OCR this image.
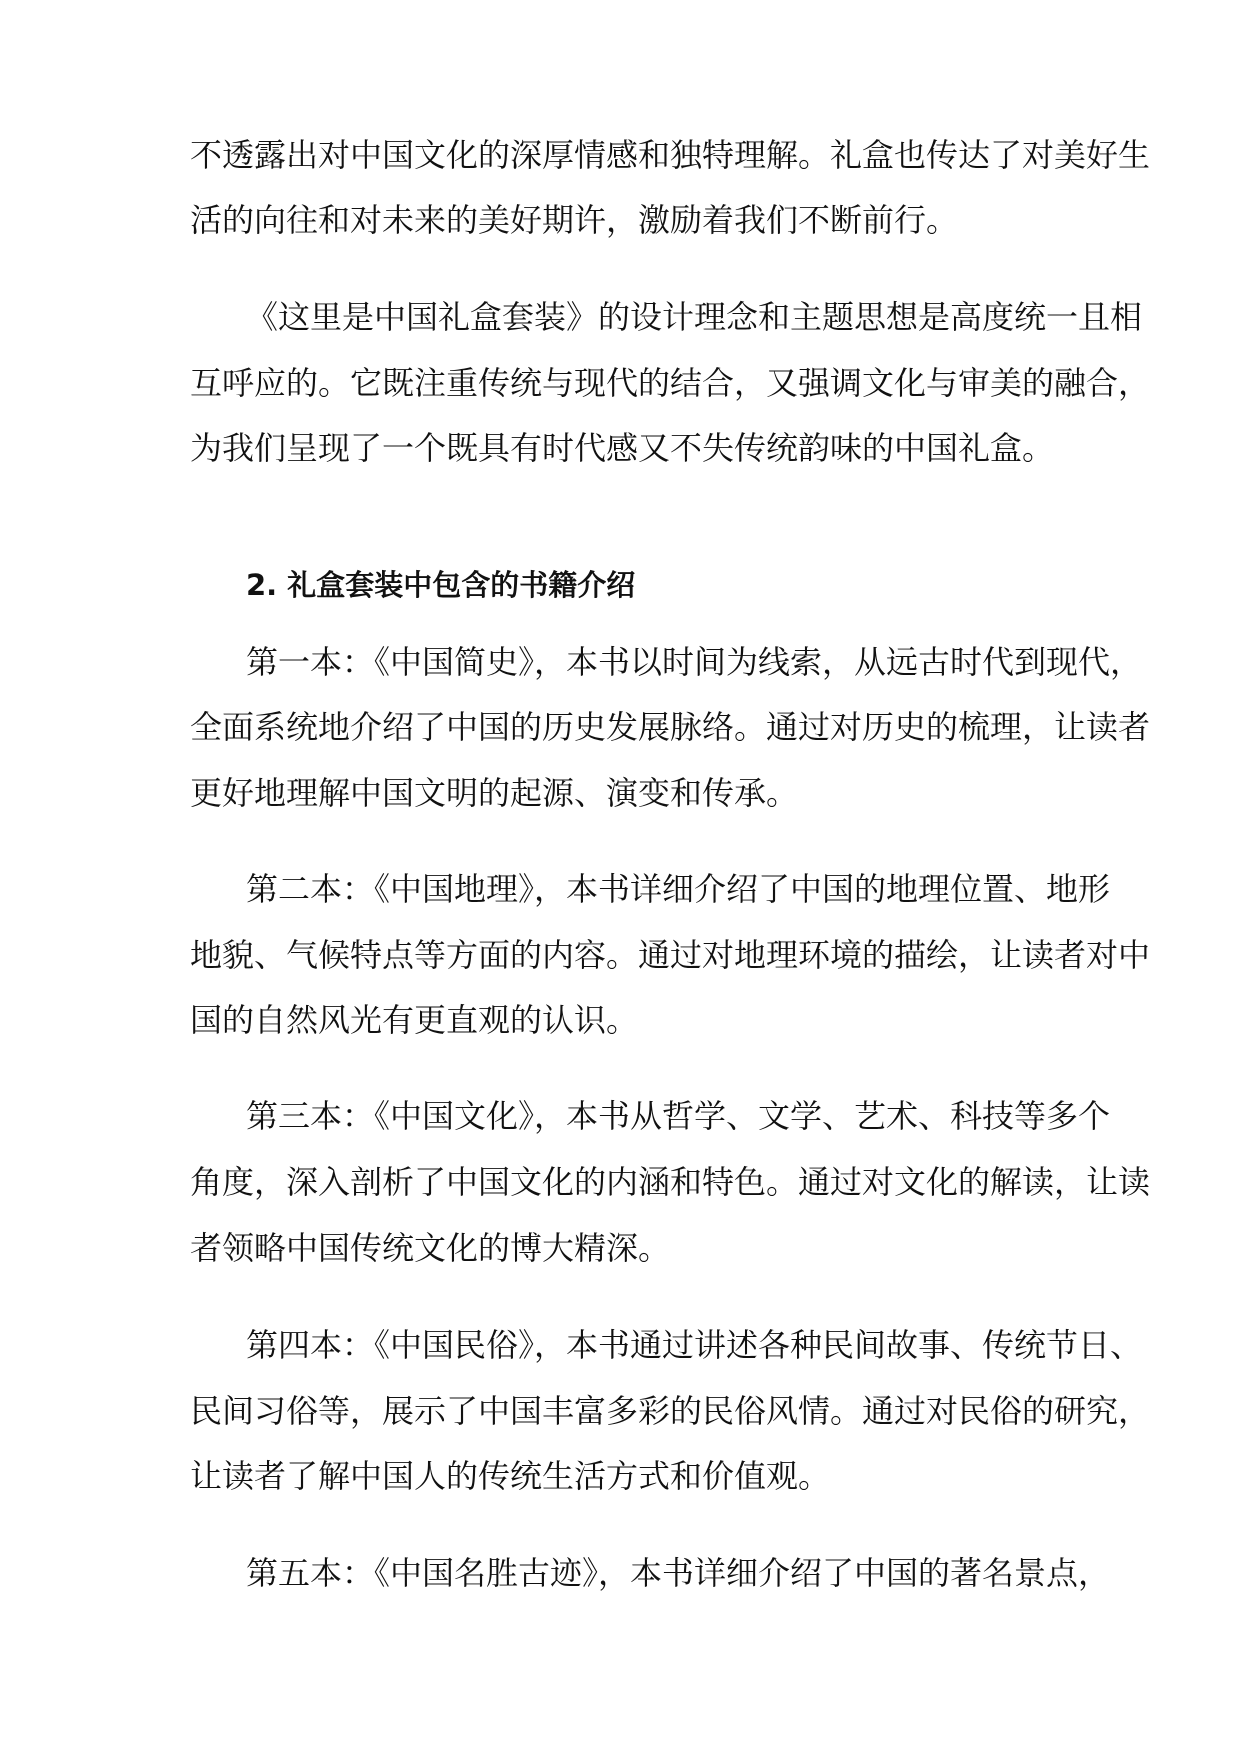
不透露出对中国文化的深厚情感和独特理解。礼盒也传达了对美好生
活的向往和对未来的美好期许，激励着我们不断前行。
《这里是中国礼盒套装》的设计理念和主题思想是高度统一且相
互呼应的。它既注重传统与现代的结合，又强调文化与审美的融合，
为我们呈现了一个既具有时代感又不失传统韵味的中国礼盒。
2. 礼盒套装中包含的书籍介绍
第一本：《中国简史》，本书以时间为线索，从远古时代到现代，
全面系统地介绍了中国的历史发展脉络。通过对历史的梳理，让读者
更好地理解中国文明的起源、演变和传承。
第二本：《中国地理》，本书详细介绍了中国的地理位置、地形
地貌、气候特点等方面的内容。通过对地理环境的描绘，让读者对中
国的自然风光有更直观的认识。
第三本：《中国文化》，本书从哲学、文学、艺术、科技等多个
角度，深入剖析了中国文化的内涵和特色。通过对文化的解读，让读
者领略中国传统文化的博大精深。
第四本：《中国民俗》，本书通过讲述各种民间故事、传统节日、
民间习俗等，展示了中国丰富多彩的民俗风情。通过对民俗的研究，
让读者了解中国人的传统生活方式和价值观。
第五本：《中国名胜古迹》，本书详细介绍了中国的著名景点，
